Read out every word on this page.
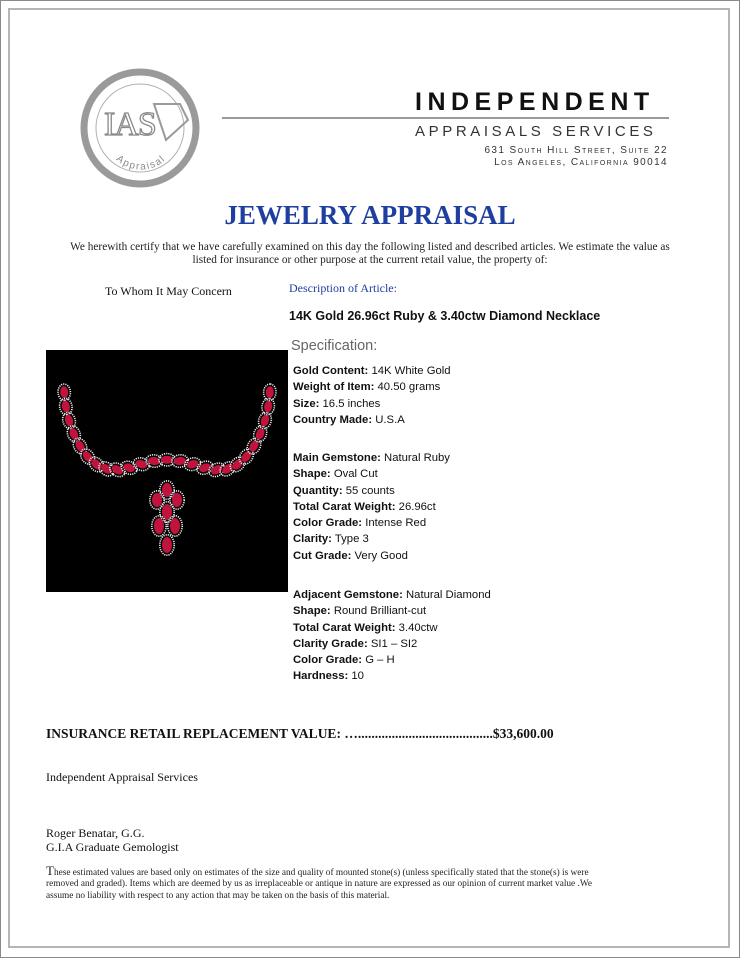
IAS
Appraisal
INDEPENDENT
APPRAISALS SERVICES
631 South Hill Street, Suite 22
Los Angeles, California 90014
JEWELRY APPRAISAL
We herewith certify that we have carefully examined on this day the following listed and described articles. We estimate the value as listed for insurance or other purpose at the current retail value, the property of:
To Whom It May Concern	Description of Article:
14K Gold 26.96ct Ruby & 3.40ctw Diamond Necklace
Specification:
Gold Content: 14K White Gold
Weight of Item: 40.50 grams
Size: 16.5 inches
Country Made: U.S.A
Main Gemstone: Natural Ruby
Shape: Oval Cut
Quantity: 55 counts
Total Carat Weight: 26.96ct
Color Grade: Intense Red
Clarity: Type 3
Cut Grade: Very Good
Adjacent Gemstone: Natural Diamond
Shape: Round Brilliant-cut
Total Carat Weight: 3.40ctw
Clarity Grade: SI1 – SI2
Color Grade: G – H
Hardness: 10
INSURANCE RETAIL REPLACEMENT VALUE: …........................................$33,600.00
Independent Appraisal Services
Roger Benatar, G.G.
G.I.A Graduate Gemologist
These estimated values are based only on estimates of the size and quality of mounted stone(s) (unless specifically stated that the stone(s) is were removed and graded). Items which are deemed by us as irreplaceable or antique in nature are expressed as our opinion of current market value .We assume no liability with respect to any action that may be taken on the basis of this material.
